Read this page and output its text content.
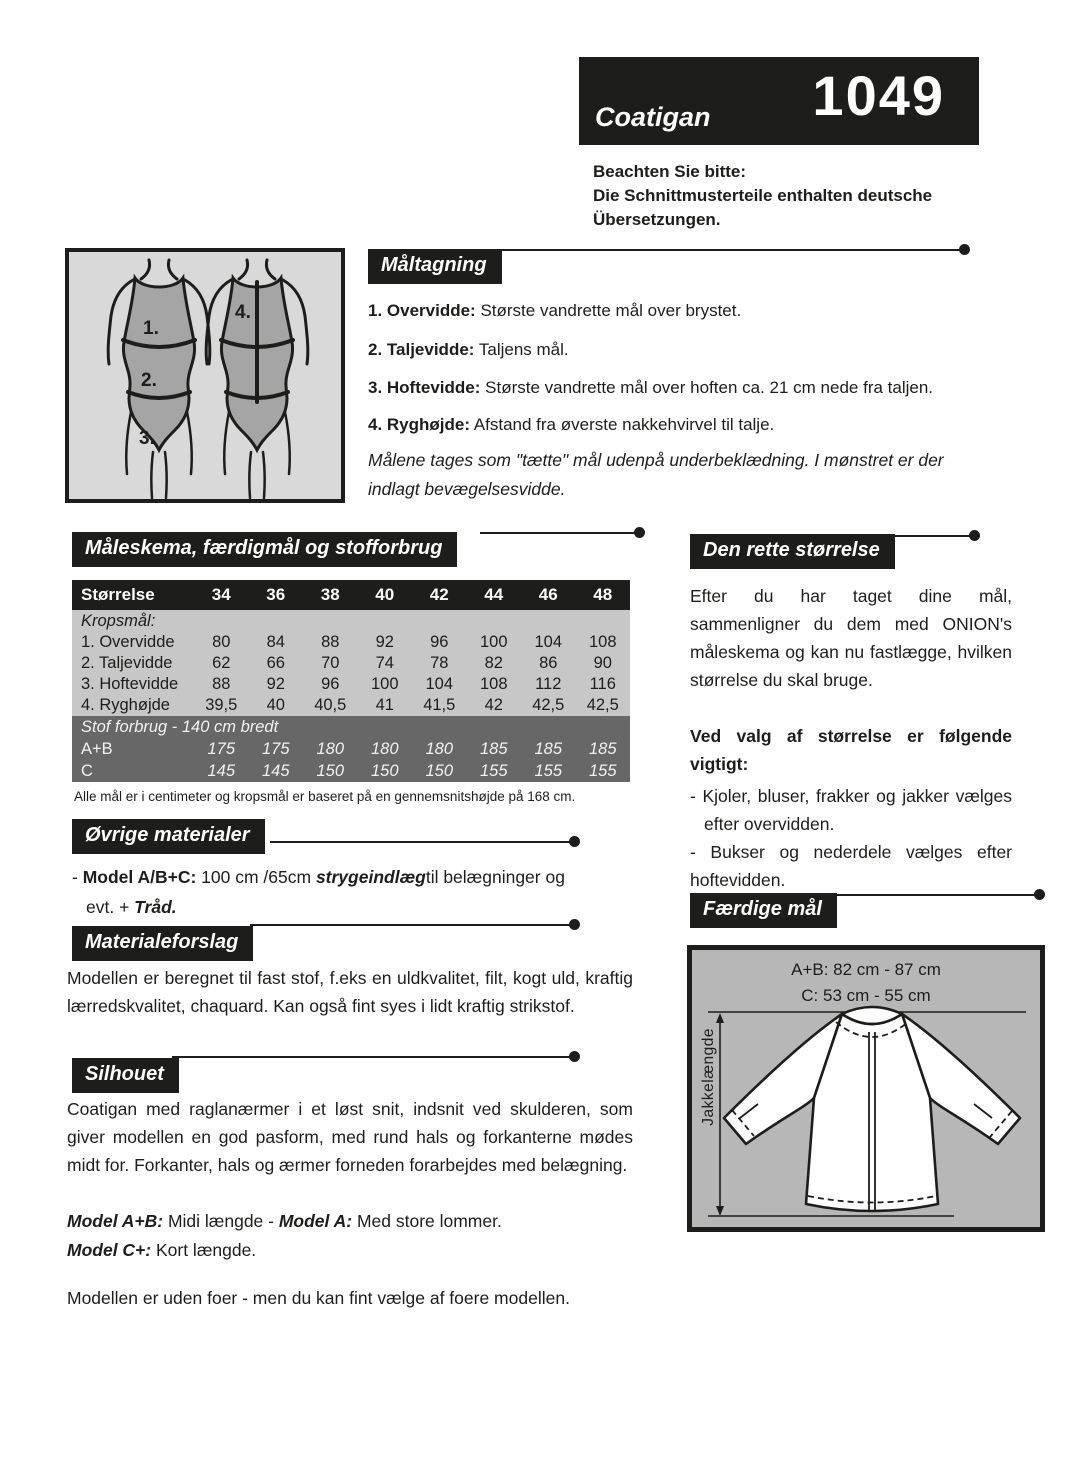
Coatigan 1049
Beachten Sie bitte:
Die Schnittmusterteile enthalten deutsche
Übersetzungen.
Måltagning
1.
2.
3.
4.	1. Overvidde: Største vandrette mål over brystet.
2. Taljevidde: Taljens mål.
3. Hoftevidde: Største vandrette mål over hoften ca. 21 cm nede fra taljen.
4. Ryghøjde: Afstand fra øverste nakkehvirvel til talje.
Målene tages som "tætte" mål udenpå underbeklædning. I mønstret er der indlagt bevægelsesvidde.
Måleskema, færdigmål og stofforbrug
Størrelse	34	36	38	40	42	44	46	48
Kropsmål:
1. Overvidde	80	84	88	92	96	100	104	108
2. Taljevidde	62	66	70	74	78	82	86	90
3. Hoftevidde	88	92	96	100	104	108	112	116
4. Ryghøjde	39,5	40	40,5	41	41,5	42	42,5	42,5
Stof forbrug - 140 cm bredt
A+B	175	175	180	180	180	185	185	185
C	145	145	150	150	150	155	155	155
Alle mål er i centimeter og kropsmål er baseret på en gennemsnitshøjde på 168 cm.
Øvrige materialer
- Model A/B+C: 100 cm /65cm strygeindlægtil belægninger og
evt. + Tråd.
Materialeforslag
Modellen er beregnet til fast stof, f.eks en uldkvalitet, filt, kogt uld, kraftig lærredskvalitet, chaquard. Kan også fint syes i lidt kraftig strikstof.
Silhouet
Coatigan med raglanærmer i et løst snit, indsnit ved skulderen, som giver modellen en god pasform, med rund hals og forkanterne mødes midt for. Forkanter, hals og ærmer forneden forarbejdes med belægning.
Model A+B: Midi længde - Model A: Med store lommer.
Model C+: Kort længde.
Modellen er uden foer - men du kan fint vælge af foere modellen.
Den rette størrelse
Efter du har taget dine mål, sammenligner du dem med ONION's måleskema og kan nu fastlægge, hvilken størrelse du skal bruge.
Ved valg af størrelse er følgende vigtigt:
- Kjoler, bluser, frakker og jakker vælges efter overvidden.
- Bukser og nederdele vælges efter hoftevidden.
Færdige mål
A+B: 82 cm - 87 cm
C: 53 cm - 55 cm
Jakkelængde
